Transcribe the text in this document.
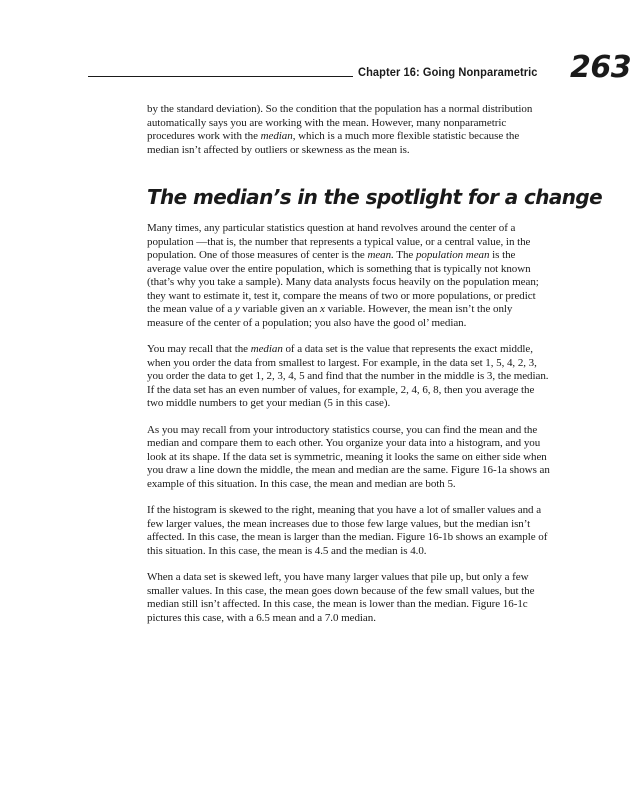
Chapter 16: Going Nonparametric 263

by the standard deviation). So the condition that the population has a normal distribution automatically says you are working with the mean. However, many nonparametric procedures work with the median, which is a much more flexible statistic because the median isn’t affected by outliers or skewness as the mean is.

The median’s in the spotlight for a change

Many times, any particular statistics question at hand revolves around the center of a population —that is, the number that represents a typical value, or a central value, in the population. One of those measures of center is the mean. The population mean is the average value over the entire population, which is something that is typically not known (that’s why you take a sample). Many data analysts focus heavily on the population mean; they want to estimate it, test it, compare the means of two or more populations, or predict the mean value of a y variable given an x variable. However, the mean isn’t the only measure of the center of a population; you also have the good ol’ median.

You may recall that the median of a data set is the value that represents the exact middle, when you order the data from smallest to largest. For example, in the data set 1, 5, 4, 2, 3, you order the data to get 1, 2, 3, 4, 5 and find that the number in the middle is 3, the median. If the data set has an even number of values, for example, 2, 4, 6, 8, then you average the two middle numbers to get your median (5 in this case).

As you may recall from your introductory statistics course, you can find the mean and the median and compare them to each other. You organize your data into a histogram, and you look at its shape. If the data set is symmetric, meaning it looks the same on either side when you draw a line down the middle, the mean and median are the same. Figure 16-1a shows an example of this situation. In this case, the mean and median are both 5.

If the histogram is skewed to the right, meaning that you have a lot of smaller values and a few larger values, the mean increases due to those few large values, but the median isn’t affected. In this case, the mean is larger than the median. Figure 16-1b shows an example of this situation. In this case, the mean is 4.5 and the median is 4.0.

When a data set is skewed left, you have many larger values that pile up, but only a few smaller values. In this case, the mean goes down because of the few small values, but the median still isn’t affected. In this case, the mean is lower than the median. Figure 16-1c pictures this case, with a 6.5 mean and a 7.0 median.
